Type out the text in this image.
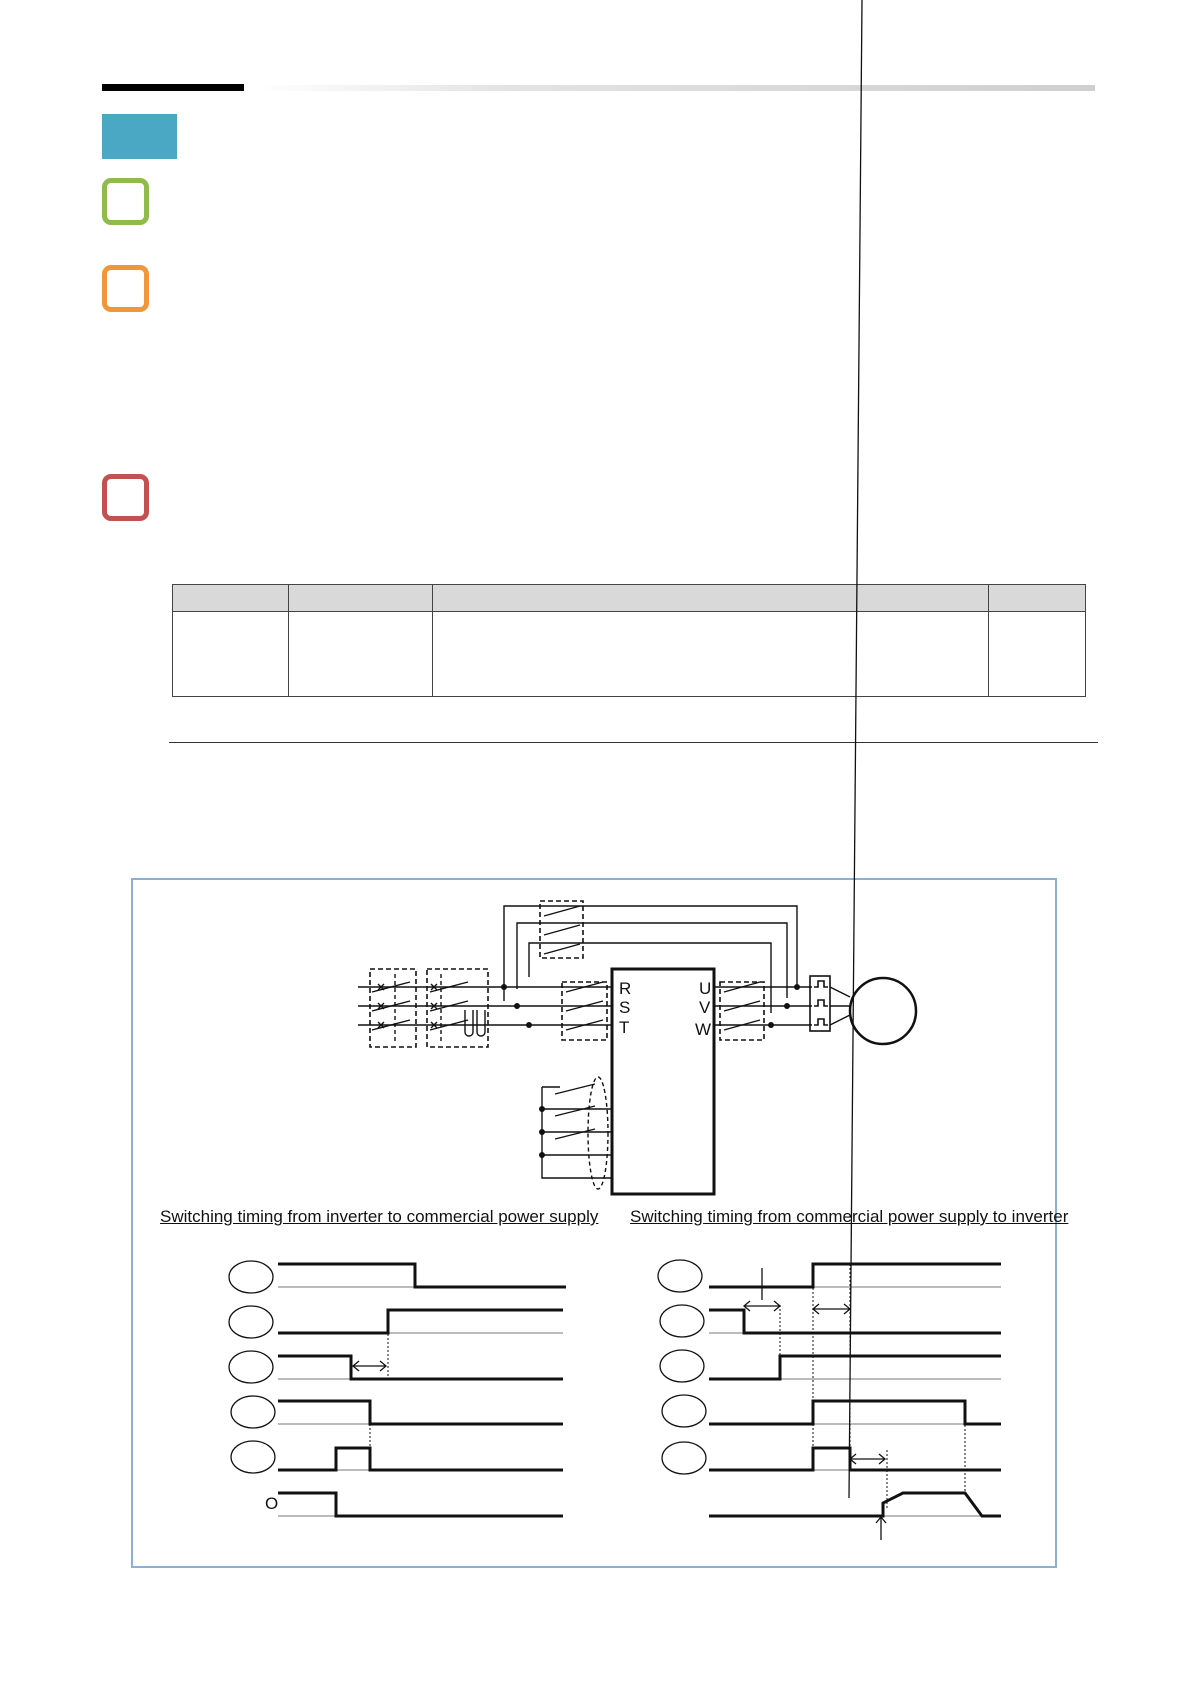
R
S
T
U
V
W
O
Switching timing from inverter to commercial power supply Switching timing from commercial power supply to inverter
